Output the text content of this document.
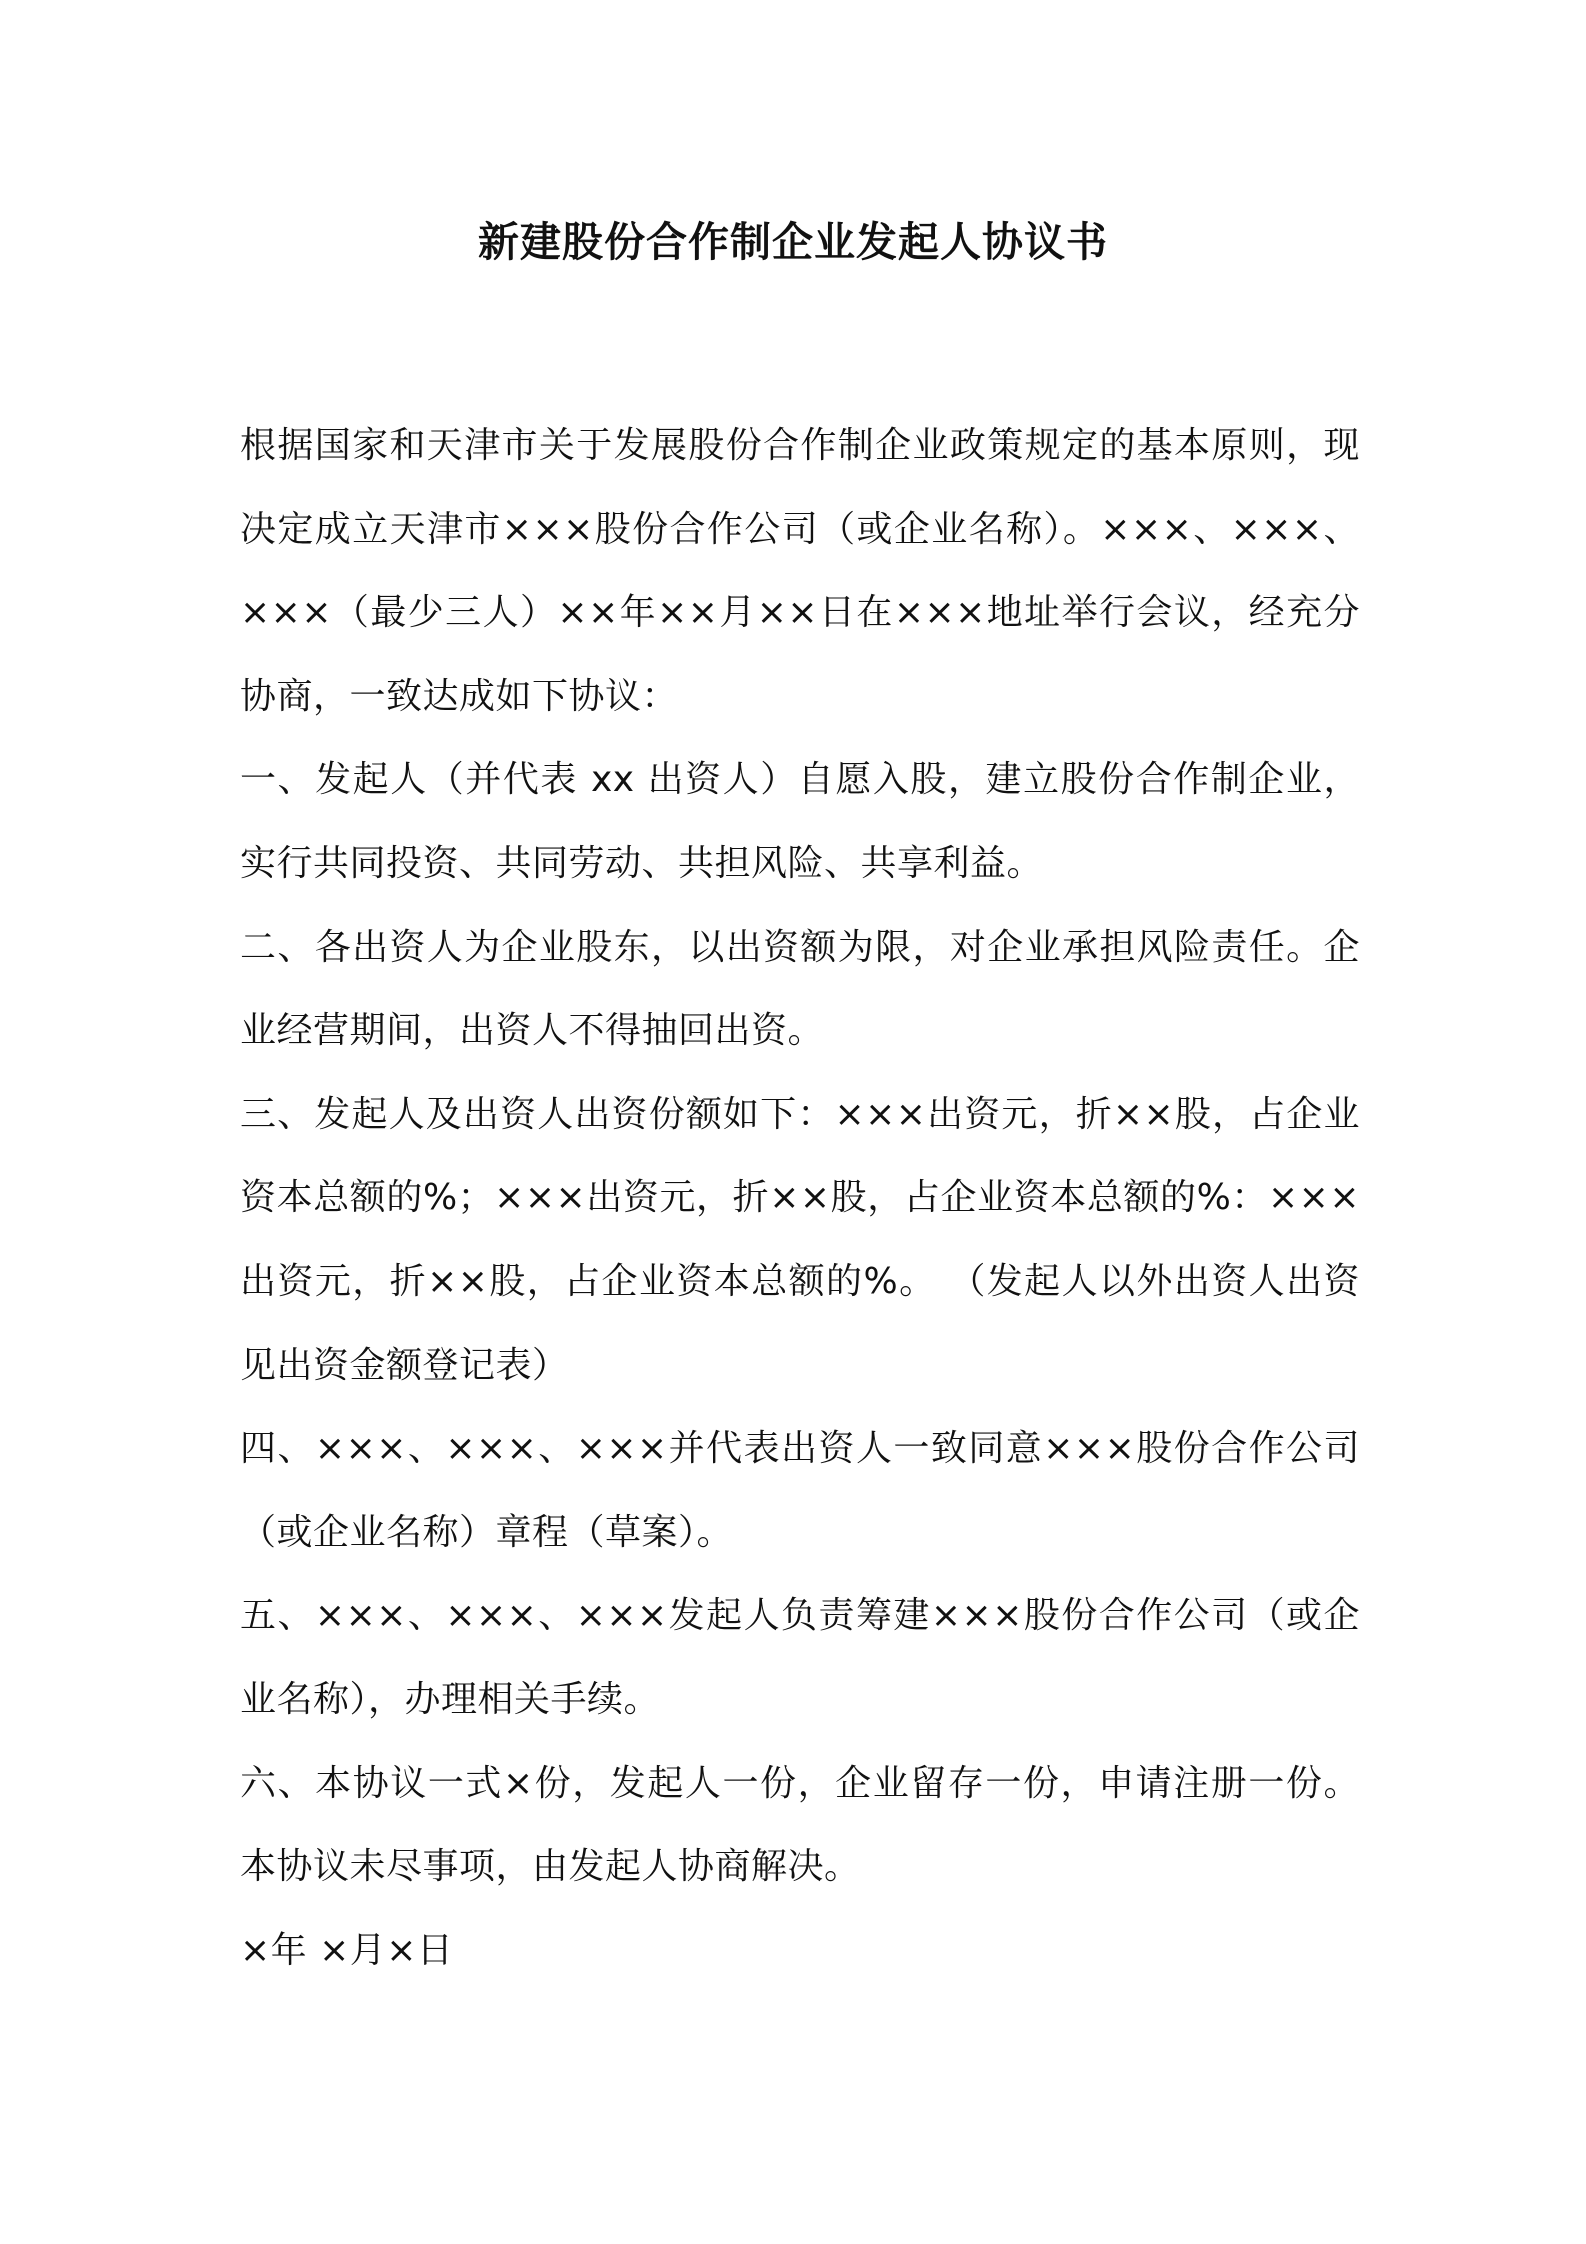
新建股份合作制企业发起人协议书

根据国家和天津市关于发展股份合作制企业政策规定的基本原则，现决定成立天津市×××股份合作公司（或企业名称）。×××、×××、×××（最少三人）××年××月××日在×××地址举行会议，经充分协商，一致达成如下协议：

一、发起人（并代表 xx 出资人）自愿入股，建立股份合作制企业，实行共同投资、共同劳动、共担风险、共享利益。

二、各出资人为企业股东，以出资额为限，对企业承担风险责任。企业经营期间，出资人不得抽回出资。

三、发起人及出资人出资份额如下：×××出资元，折××股，占企业资本总额的%；×××出资元，折××股，占企业资本总额的%：×××出资元，折××股，占企业资本总额的%。 （发起人以外出资人出资见出资金额登记表）

四、×××、×××、×××并代表出资人一致同意×××股份合作公司（或企业名称）章程（草案）。

五、×××、×××、×××发起人负责筹建×××股份合作公司（或企业名称），办理相关手续。

六、本协议一式×份，发起人一份，企业留存一份，申请注册一份。本协议未尽事项，由发起人协商解决。

×年 ×月×日
